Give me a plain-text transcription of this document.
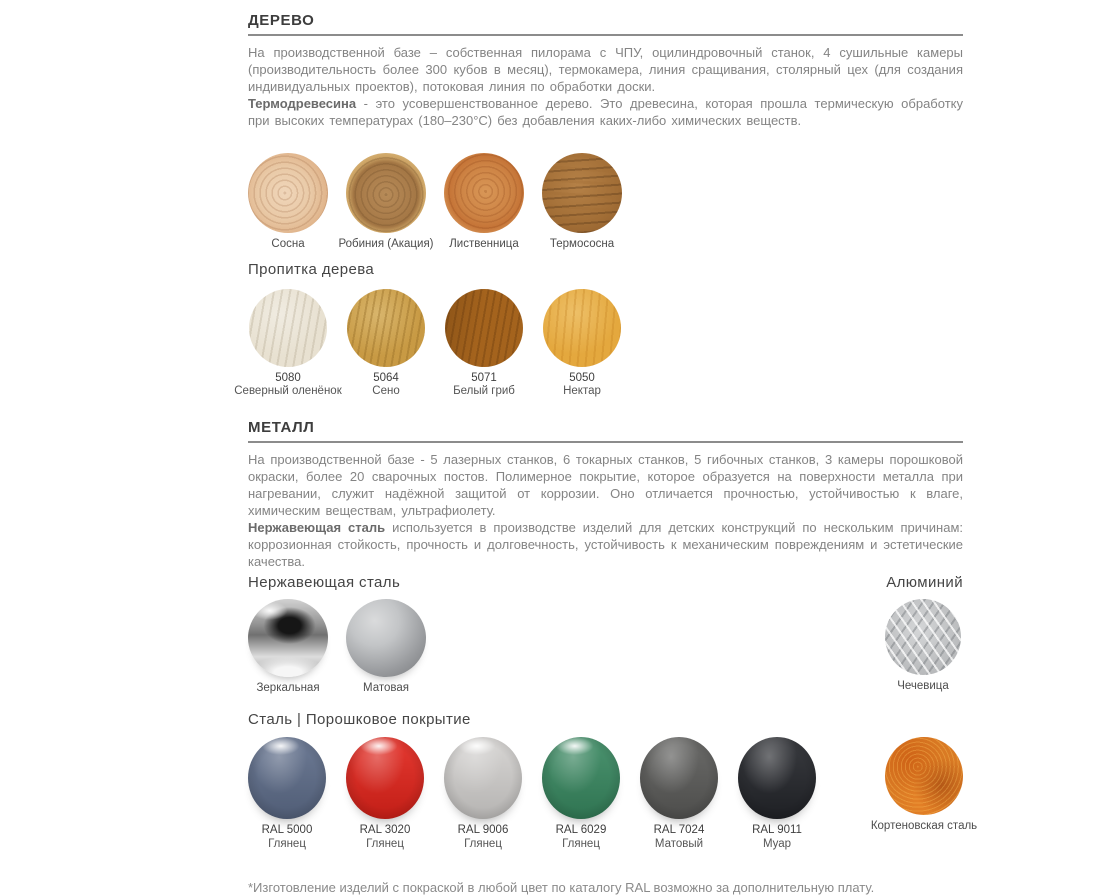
ДЕРЕВО

На производственной базе – собственная пилорама с ЧПУ, оцилиндровочный станок, 4 сушильные камеры (производительность более 300 кубов в месяц), термокамера, линия сращивания, столярный цех (для создания индивидуальных проектов), потоковая линия по обработки доски.

Термодревесина - это усовершенствованное дерево. Это древесина, которая прошла термическую обработку при высоких температурах (180–230°С) без добавления каких-либо химических веществ.

Сосна	Робиния (Акация)	Лиственница	Термососна
Пропитка дерева
5080
Северный оленёнок
5064
Сено
5071
Белый гриб
5050
Нектар
МЕТАЛЛ

На производственной базе - 5 лазерных станков, 6 токарных станков, 5 гибочных станков, 3 камеры порошковой окраски, более 20 сварочных постов. Полимерное покрытие, которое образуется на поверхности металла при нагревании, служит надёжной защитой от коррозии. Оно отличается прочностью, устойчивостью к влаге, химическим веществам, ультрафиолету.

Нержавеющая сталь используется в производстве изделий для детских конструкций по нескольким причинам: коррозионная стойкость, прочность и долговечность, устойчивость к механическим повреждениям и эстетические качества.

Нержавеющая сталь	Алюминий
Зеркальная	Матовая	Чечевица
Сталь | Порошковое покрытие
RAL 5000
Глянец
RAL 3020
Глянец
RAL 9006
Глянец
RAL 6029
Глянец
RAL 7024
Матовый
RAL 9011
Муар
Кортеновская сталь

*Изготовление изделий с покраской в любой цвет по каталогу RAL возможно за дополнительную плату.
